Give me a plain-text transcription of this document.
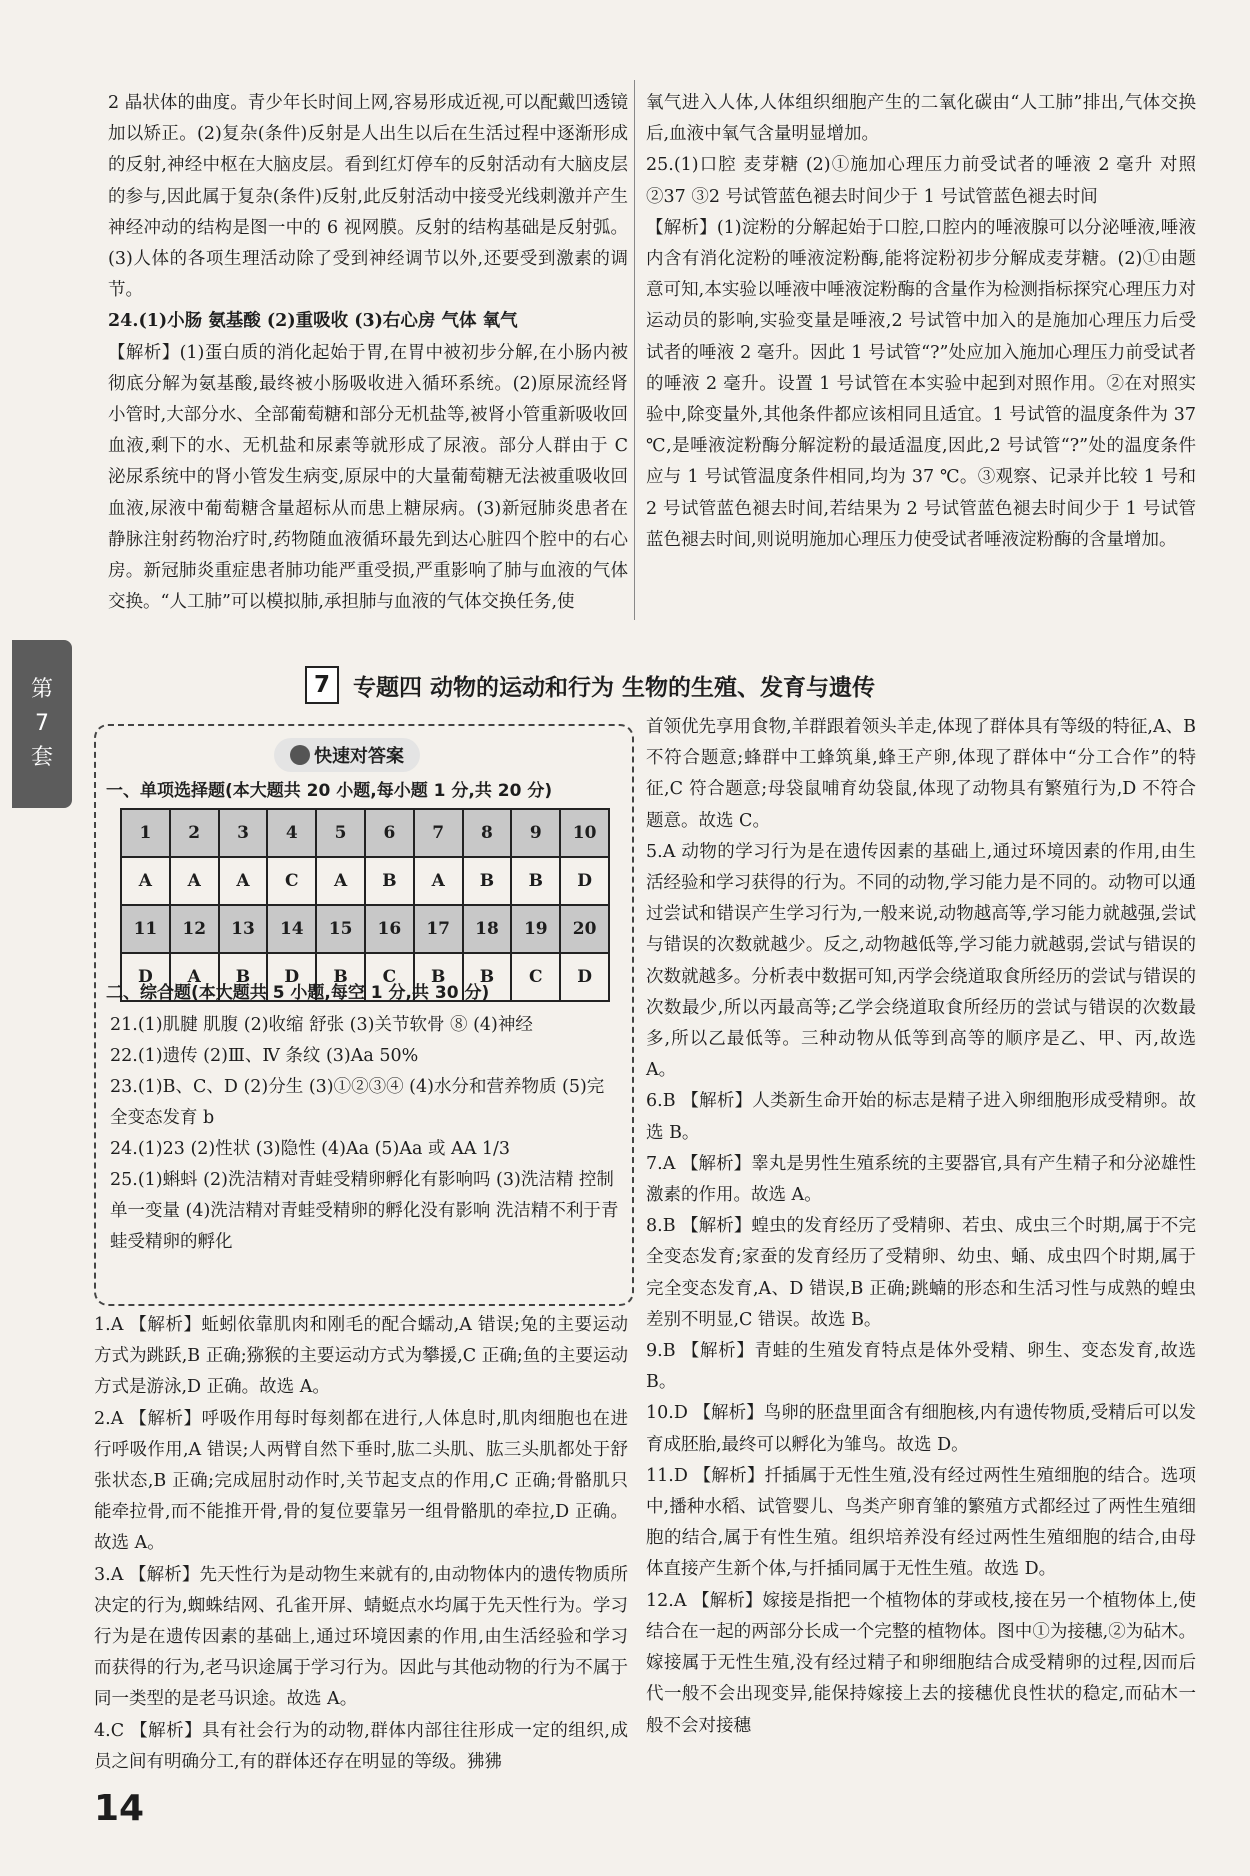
2 晶状体的曲度。青少年长时间上网,容易形成近视,可以配戴凹透镜加以矫正。(2)复杂(条件)反射是人出生以后在生活过程中逐渐形成的反射,神经中枢在大脑皮层。看到红灯停车的反射活动有大脑皮层的参与,因此属于复杂(条件)反射,此反射活动中接受光线刺激并产生神经冲动的结构是图一中的 6 视网膜。反射的结构基础是反射弧。(3)人体的各项生理活动除了受到神经调节以外,还要受到激素的调节。

24.(1)小肠 氨基酸 (2)重吸收 (3)右心房 气体 氧气

【解析】(1)蛋白质的消化起始于胃,在胃中被初步分解,在小肠内被彻底分解为氨基酸,最终被小肠吸收进入循环系统。(2)原尿流经肾小管时,大部分水、全部葡萄糖和部分无机盐等,被肾小管重新吸收回血液,剩下的水、无机盐和尿素等就形成了尿液。部分人群由于 C 泌尿系统中的肾小管发生病变,原尿中的大量葡萄糖无法被重吸收回血液,尿液中葡萄糖含量超标从而患上糖尿病。(3)新冠肺炎患者在静脉注射药物治疗时,药物随血液循环最先到达心脏四个腔中的右心房。新冠肺炎重症患者肺功能严重受损,严重影响了肺与血液的气体交换。“人工肺”可以模拟肺,承担肺与血液的气体交换任务,使

氧气进入人体,人体组织细胞产生的二氧化碳由“人工肺”排出,气体交换后,血液中氧气含量明显增加。

25.(1)口腔 麦芽糖 (2)①施加心理压力前受试者的唾液 2 毫升 对照 ②37 ③2 号试管蓝色褪去时间少于 1 号试管蓝色褪去时间

【解析】(1)淀粉的分解起始于口腔,口腔内的唾液腺可以分泌唾液,唾液内含有消化淀粉的唾液淀粉酶,能将淀粉初步分解成麦芽糖。(2)①由题意可知,本实验以唾液中唾液淀粉酶的含量作为检测指标探究心理压力对运动员的影响,实验变量是唾液,2 号试管中加入的是施加心理压力后受试者的唾液 2 毫升。因此 1 号试管“?”处应加入施加心理压力前受试者的唾液 2 毫升。设置 1 号试管在本实验中起到对照作用。②在对照实验中,除变量外,其他条件都应该相同且适宜。1 号试管的温度条件为 37 ℃,是唾液淀粉酶分解淀粉的最适温度,因此,2 号试管“?”处的温度条件应与 1 号试管温度条件相同,均为 37 ℃。③观察、记录并比较 1 号和 2 号试管蓝色褪去时间,若结果为 2 号试管蓝色褪去时间少于 1 号试管蓝色褪去时间,则说明施加心理压力使受试者唾液淀粉酶的含量增加。

第
7
套
7	专题四 动物的运动和行为 生物的生殖、发育与遗传
快速对答案
一、单项选择题(本大题共 20 小题,每小题 1 分,共 20 分)
1	2	3	4	5	6	7	8	9	10
A	A	A	C	A	B	A	B	B	D
11	12	13	14	15	16	17	18	19	20
D	A	B	D	B	C	B	B	C	D
二、综合题(本大题共 5 小题,每空 1 分,共 30 分)

21.(1)肌腱 肌腹 (2)收缩 舒张 (3)关节软骨 ⑧ (4)神经

22.(1)遗传 (2)Ⅲ、Ⅳ 条纹 (3)Aa 50%

23.(1)B、C、D (2)分生 (3)①②③④ (4)水分和营养物质 (5)完全变态发育 b

24.(1)23 (2)性状 (3)隐性 (4)Aa (5)Aa 或 AA 1/3

25.(1)蝌蚪 (2)洗洁精对青蛙受精卵孵化有影响吗 (3)洗洁精 控制单一变量 (4)洗洁精对青蛙受精卵的孵化没有影响 洗洁精不利于青蛙受精卵的孵化

1.A 【解析】蚯蚓依靠肌肉和刚毛的配合蠕动,A 错误;兔的主要运动方式为跳跃,B 正确;猕猴的主要运动方式为攀援,C 正确;鱼的主要运动方式是游泳,D 正确。故选 A。

2.A 【解析】呼吸作用每时每刻都在进行,人体息时,肌肉细胞也在进行呼吸作用,A 错误;人两臂自然下垂时,肱二头肌、肱三头肌都处于舒张状态,B 正确;完成屈肘动作时,关节起支点的作用,C 正确;骨骼肌只能牵拉骨,而不能推开骨,骨的复位要靠另一组骨骼肌的牵拉,D 正确。故选 A。

3.A 【解析】先天性行为是动物生来就有的,由动物体内的遗传物质所决定的行为,蜘蛛结网、孔雀开屏、蜻蜓点水均属于先天性行为。学习行为是在遗传因素的基础上,通过环境因素的作用,由生活经验和学习而获得的行为,老马识途属于学习行为。因此与其他动物的行为不属于同一类型的是老马识途。故选 A。

4.C 【解析】具有社会行为的动物,群体内部往往形成一定的组织,成员之间有明确分工,有的群体还存在明显的等级。狒狒

首领优先享用食物,羊群跟着领头羊走,体现了群体具有等级的特征,A、B 不符合题意;蜂群中工蜂筑巢,蜂王产卵,体现了群体中“分工合作”的特征,C 符合题意;母袋鼠哺育幼袋鼠,体现了动物具有繁殖行为,D 不符合题意。故选 C。

5.A 动物的学习行为是在遗传因素的基础上,通过环境因素的作用,由生活经验和学习获得的行为。不同的动物,学习能力是不同的。动物可以通过尝试和错误产生学习行为,一般来说,动物越高等,学习能力就越强,尝试与错误的次数就越少。反之,动物越低等,学习能力就越弱,尝试与错误的次数就越多。分析表中数据可知,丙学会绕道取食所经历的尝试与错误的次数最少,所以丙最高等;乙学会绕道取食所经历的尝试与错误的次数最多,所以乙最低等。三种动物从低等到高等的顺序是乙、甲、丙,故选 A。

6.B 【解析】人类新生命开始的标志是精子进入卵细胞形成受精卵。故选 B。

7.A 【解析】睾丸是男性生殖系统的主要器官,具有产生精子和分泌雄性激素的作用。故选 A。

8.B 【解析】蝗虫的发育经历了受精卵、若虫、成虫三个时期,属于不完全变态发育;家蚕的发育经历了受精卵、幼虫、蛹、成虫四个时期,属于完全变态发育,A、D 错误,B 正确;跳蝻的形态和生活习性与成熟的蝗虫差别不明显,C 错误。故选 B。

9.B 【解析】青蛙的生殖发育特点是体外受精、卵生、变态发育,故选 B。

10.D 【解析】鸟卵的胚盘里面含有细胞核,内有遗传物质,受精后可以发育成胚胎,最终可以孵化为雏鸟。故选 D。

11.D 【解析】扦插属于无性生殖,没有经过两性生殖细胞的结合。选项中,播种水稻、试管婴儿、鸟类产卵育雏的繁殖方式都经过了两性生殖细胞的结合,属于有性生殖。组织培养没有经过两性生殖细胞的结合,由母体直接产生新个体,与扦插同属于无性生殖。故选 D。

12.A 【解析】嫁接是指把一个植物体的芽或枝,接在另一个植物体上,使结合在一起的两部分长成一个完整的植物体。图中①为接穗,②为砧木。嫁接属于无性生殖,没有经过精子和卵细胞结合成受精卵的过程,因而后代一般不会出现变异,能保持嫁接上去的接穗优良性状的稳定,而砧木一般不会对接穗

14
